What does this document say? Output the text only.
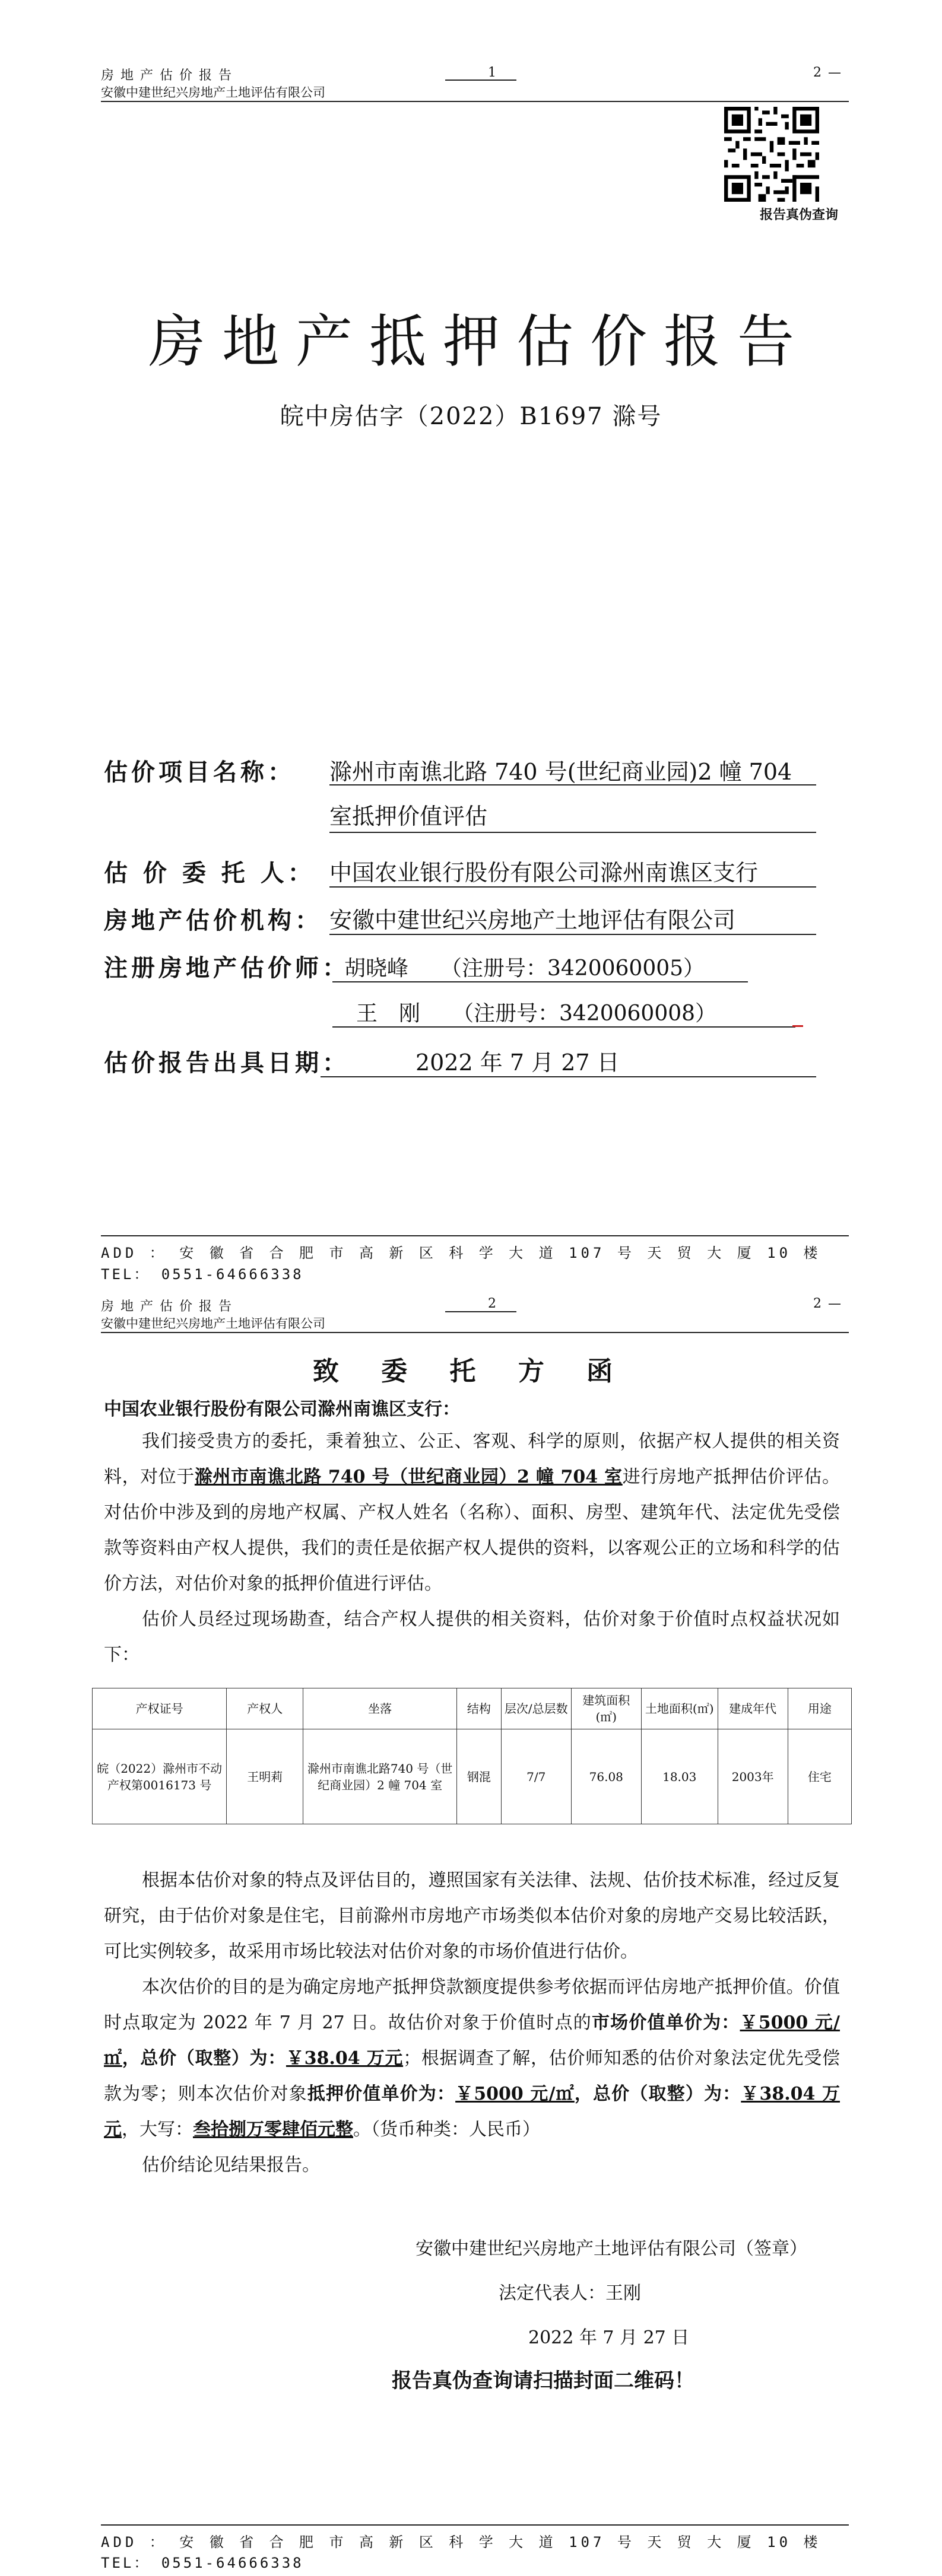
房 地 产 估 价 报 告
安徽中建世纪兴房地产土地评估有限公司
1	2 —
报告真伪查询
房地产抵押估价报告
皖中房估字（2022）B1697 滁号
估价项目名称： 滁州市南谯北路 740 号(世纪商业园)2 幢 704
室抵押价值评估
估 价 委 托 人： 中国农业银行股份有限公司滁州南谯区支行
房地产估价机构： 安徽中建世纪兴房地产土地评估有限公司
注册房地产估价师：
胡晓峰　　（注册号：3420060005）
王　刚　　（注册号：3420060008）
估价报告出具日期：	2022 年 7 月 27 日
ADD ： 安 徽 省 合 肥 市 高 新 区 科 学 大 道 107 号 天 贸 大 厦 10 楼
TEL： 0551-64666338
房 地 产 估 价 报 告
安徽中建世纪兴房地产土地评估有限公司
2	2 —
致 委 托 方 函
中国农业银行股份有限公司滁州南谯区支行：

我们接受贵方的委托，秉着独立、公正、客观、科学的原则，依据产权人提供的相关资料，对位于滁州市南谯北路 740 号（世纪商业园）2 幢 704 室进行房地产抵押估价评估。对估价中涉及到的房地产权属、产权人姓名（名称）、面积、房型、建筑年代、法定优先受偿款等资料由产权人提供，我们的责任是依据产权人提供的资料，以客观公正的立场和科学的估价方法，对估价对象的抵押价值进行评估。

估价人员经过现场勘查，结合产权人提供的相关资料，估价对象于价值时点权益状况如下：

产权证号	产权人	坐落	结构	层次/总层数	建筑面积(㎡)	土地面积(㎡)	建成年代	用途
皖（2022）滁州市不动产权第0016173 号	王明莉	滁州市南谯北路740 号（世纪商业园）2 幢 704 室	钢混	7/7	76.08	18.03	2003年	住宅

根据本估价对象的特点及评估目的，遵照国家有关法律、法规、估价技术标准，经过反复研究，由于估价对象是住宅，目前滁州市房地产市场类似本估价对象的房地产交易比较活跃，可比实例较多，故采用市场比较法对估价对象的市场价值进行估价。

本次估价的目的是为确定房地产抵押贷款额度提供参考依据而评估房地产抵押价值。价值时点取定为 2022 年 7 月 27 日。故估价对象于价值时点的市场价值单价为：￥5000 元/㎡，总价（取整）为：￥38.04 万元；根据调查了解，估价师知悉的估价对象法定优先受偿款为零；则本次估价对象抵押价值单价为：￥5000 元/㎡，总价（取整）为：￥38.04 万元，大写：叁拾捌万零肆佰元整。（货币种类：人民币）

估价结论见结果报告。

安徽中建世纪兴房地产土地评估有限公司（签章）
法定代表人：王刚
2022 年 7 月 27 日
报告真伪查询请扫描封面二维码！
ADD ： 安 徽 省 合 肥 市 高 新 区 科 学 大 道 107 号 天 贸 大 厦 10 楼
TEL： 0551-64666338
